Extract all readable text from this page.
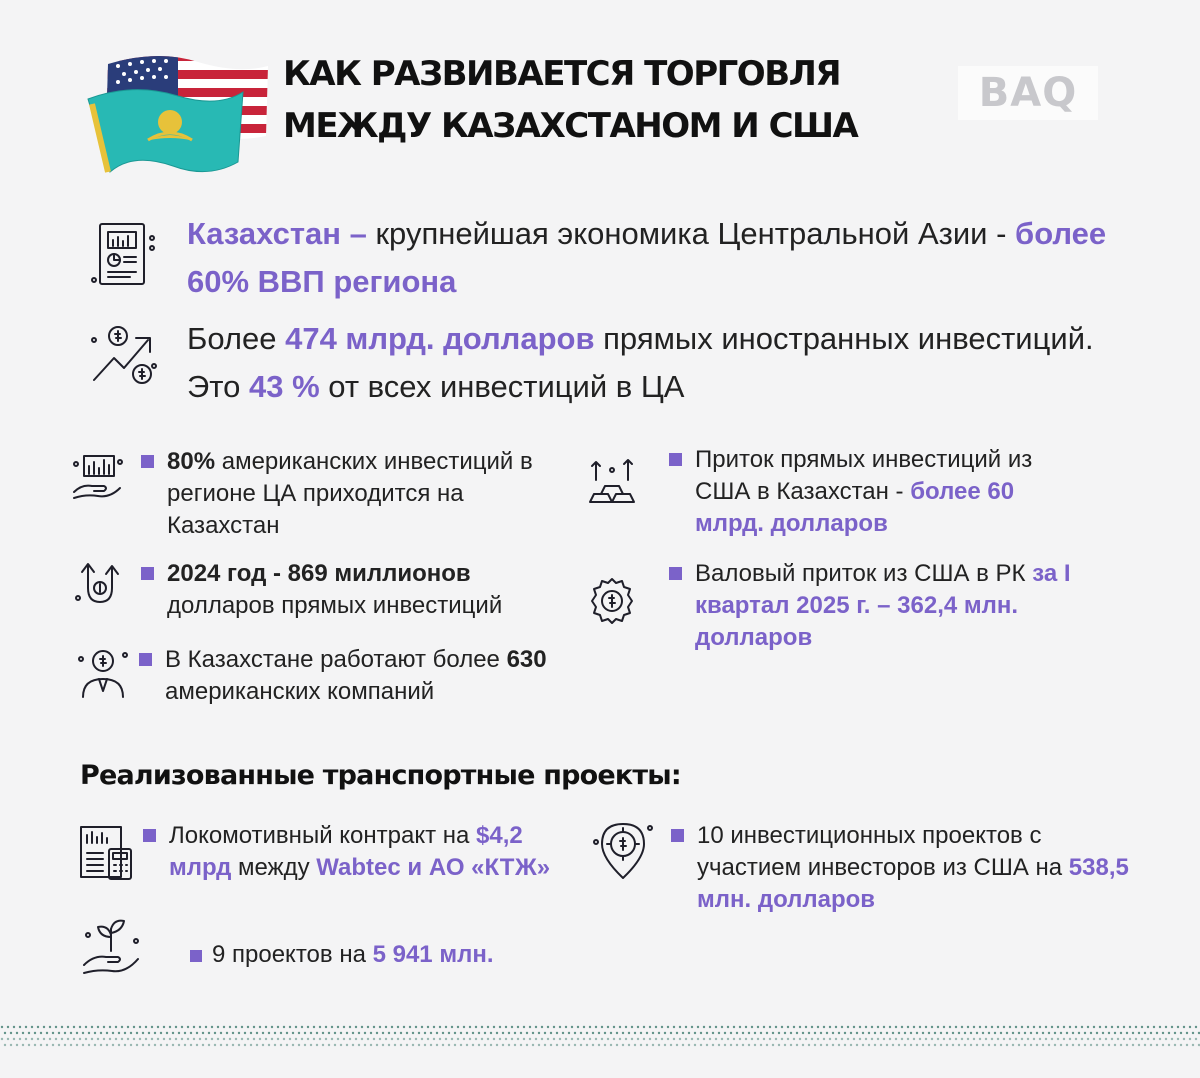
КАК РАЗВИВАЕТСЯ ТОРГОВЛЯ
МЕЖДУ КАЗАХСТАНОМ И США
BAQ
Казахстан – крупнейшая экономика Центральной Азии - более 60% ВВП региона
Более 474 млрд. долларов прямых иностранных инвестиций. Это 43 % от всех инвестиций в ЦА
80% американских инвестиций в регионе ЦА приходится на Казахстан
2024 год - 869 миллионов долларов прямых инвестиций
В Казахстане работают более 630 американских компаний
Приток прямых инвестиций из США в Казахстан - более 60 млрд. долларов
Валовый приток из США в РК за I квартал 2025 г. – 362,4 млн. долларов
Реализованные транспортные проекты:
Локомотивный контракт на $4,2 млрд между Wabtec и АО «КТЖ»
10 инвестиционных проектов с участием инвесторов из США на 538,5 млн. долларов
9 проектов на 5 941 млн.
